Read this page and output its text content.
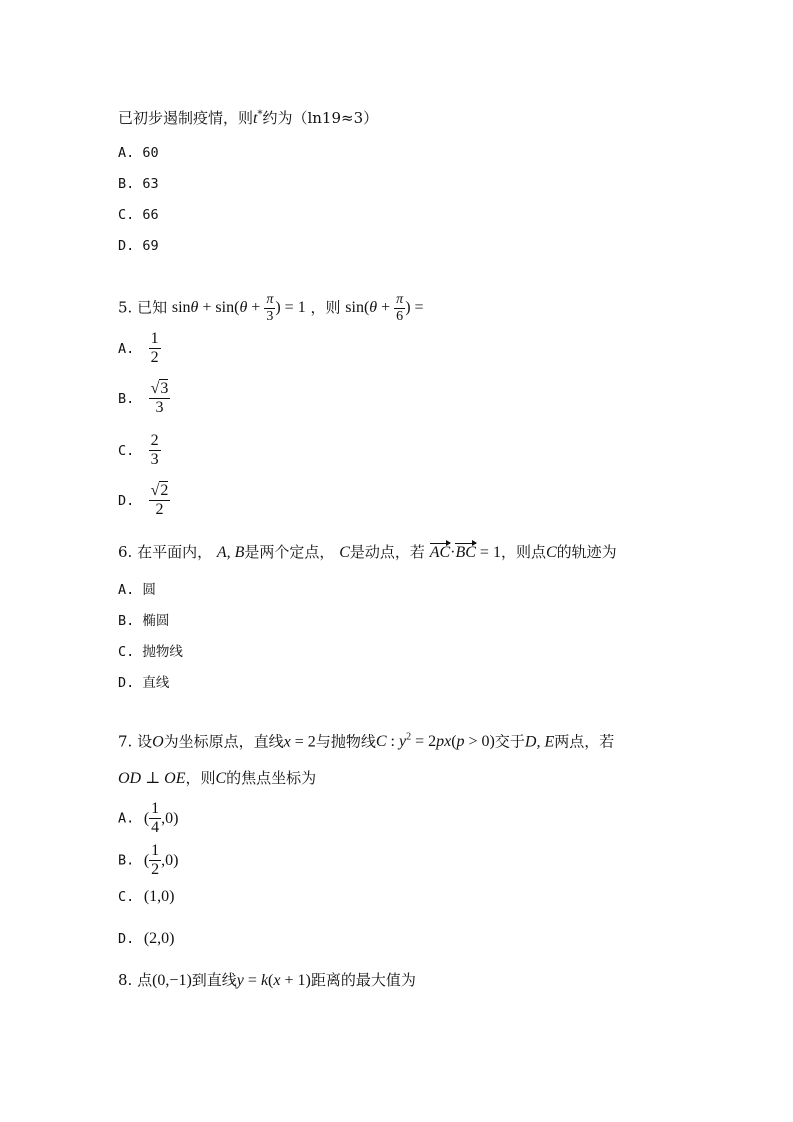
已初步遏制疫情，则t*约为（ln19≈3）
A. 60
B. 63
C. 66
D. 69
5. 已知 $\sin\theta + \sin(\theta + \frac{\pi}{3}$ ) = 1 ，则 $\sin(\theta + \frac{\pi}{6}$ ) =
A. $\frac{1}{2}$
B. $\frac{√3}{3}$
C. $\frac{2}{3}$
D. $\frac{√2}{2}$
6. 在平面内， A, B是两个定点， C是动点，若 AC·BC = 1，则点C的轨迹为
A. 圆
B. 椭圆
C. 抛物线
D. 直线
7. 设O为坐标原点，直线x = 2与抛物线C : $y^2 = 2px(p > 0)$交于D, E两点，若
OD ⊥ OE，则C的焦点坐标为
A. ( $\frac{1}{4} ,0$)
B. ( $\frac{1}{2} ,0$)
C. (1,0)
D. (2,0)
8. 点(0,−1)到直线y = k(x + 1)距离的最大值为
